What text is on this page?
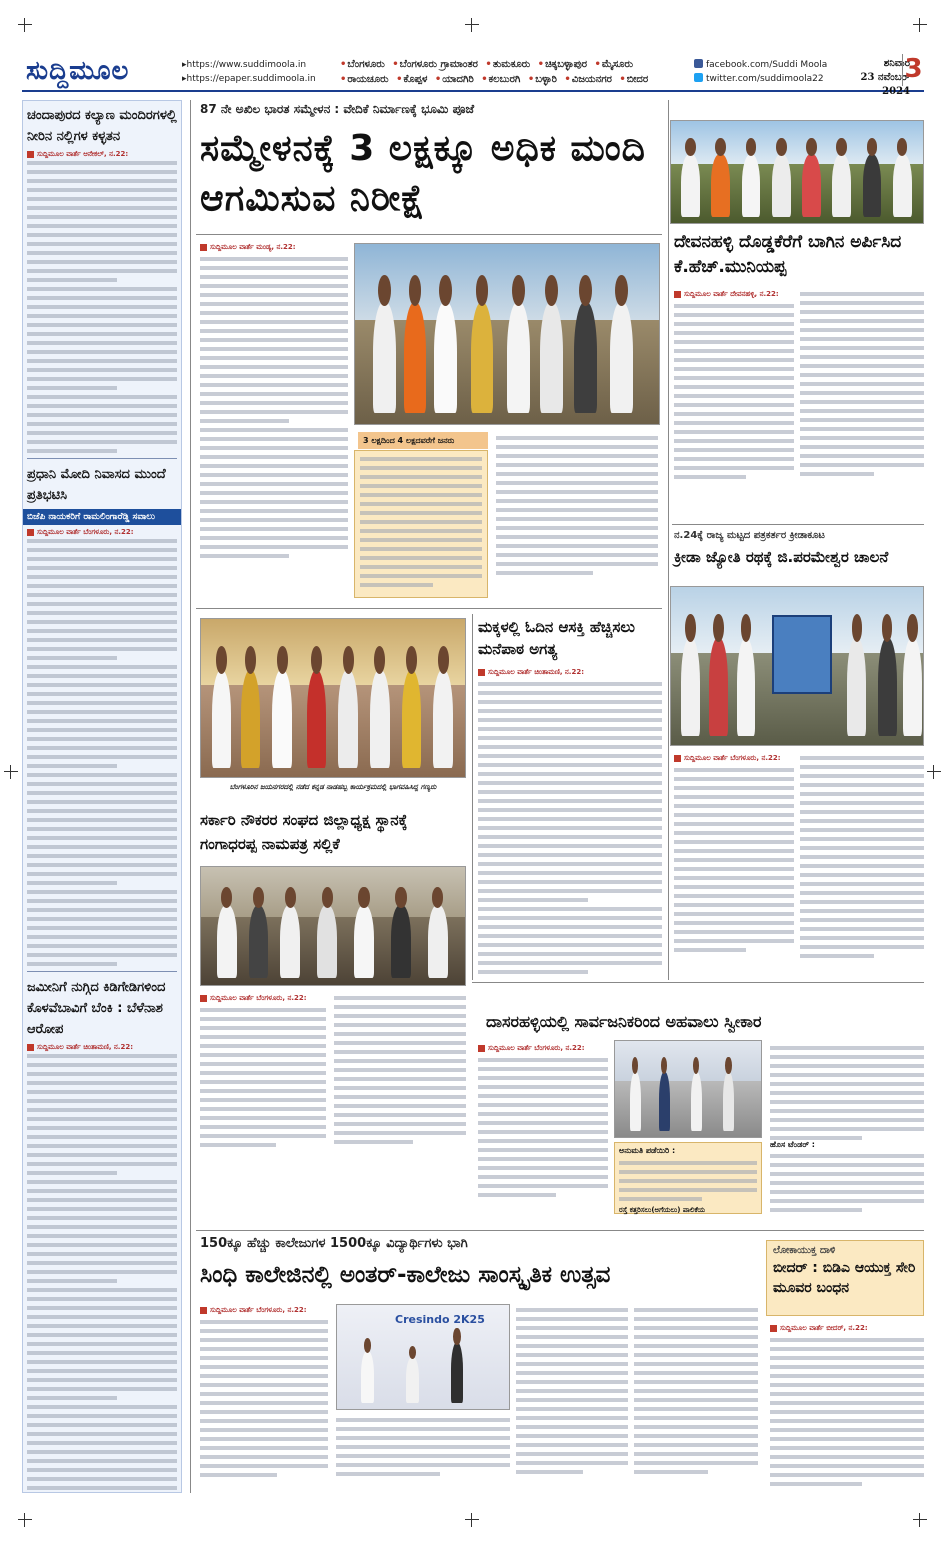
ಸುದ್ದಿಮೂಲ	▸ https://www.suddimoola.in
▸ https://epaper.suddimoola.in
• ಬೆಂಗಳೂರು • ಬೆಂಗಳೂರು ಗ್ರಾಮಾಂತರ • ತುಮಕೂರು • ಚಿಕ್ಕಬಳ್ಳಾಪುರ • ಮೈಸೂರು
• ರಾಯಚೂರು • ಕೊಪ್ಪಳ • ಯಾದಗಿರಿ • ಕಲಬುರಗಿ • ಬಳ್ಳಾರಿ • ವಿಜಯನಗರ • ಬೀದರ
facebook.com/Suddi Moola
twitter.com/suddimoola22
ಶನಿವಾರ
23 ನವೆಂಬರ್ 2024
3
ಚಂದಾಪುರದ ಕಲ್ಯಾಣ ಮಂದಿರಗಳಲ್ಲಿ ನೀರಿನ ನಲ್ಲಿಗಳ ಕಳ್ಳತನ
ಸುದ್ದಿಮೂಲ ವಾರ್ತೆ ಆನೇಕಲ್, ನ.22:
ಪ್ರಧಾನಿ ಮೋದಿ ನಿವಾಸದ ಮುಂದೆ ಪ್ರತಿಭಟಿಸಿ
ಬಿಜೆಪಿ ನಾಯಕರಿಗೆ ರಾಮಲಿಂಗಾರೆಡ್ಡಿ ಸವಾಲು
ಸುದ್ದಿಮೂಲ ವಾರ್ತೆ ಬೆಂಗಳೂರು, ನ.22:
ಜಮೀನಿಗೆ ನುಗ್ಗಿದ ಕಿಡಿಗೇಡಿಗಳಿಂದ ಕೊಳವೆಬಾವಿಗೆ ಬೆಂಕಿ : ಬೆಳೆನಾಶ ಆರೋಪ
ಸುದ್ದಿಮೂಲ ವಾರ್ತೆ ಚಿಂತಾಮಣಿ, ನ.22:
87 ನೇ ಅಖಿಲ ಭಾರತ ಸಮ್ಮೇಳನ : ವೇದಿಕೆ ನಿರ್ಮಾಣಕ್ಕೆ ಭೂಮಿ ಪೂಜೆ
ಸಮ್ಮೇಳನಕ್ಕೆ 3 ಲಕ್ಷಕ್ಕೂ ಅಧಿಕ ಮಂದಿ ಆಗಮಿಸುವ ನಿರೀಕ್ಷೆ
ಸುದ್ದಿಮೂಲ ವಾರ್ತೆ ಮಂಡ್ಯ, ನ.22:
3 ಲಕ್ಷದಿಂದ 4 ಲಕ್ಷದವರೆಗೆ ಜನರು
ಬೆಂಗಳೂರಿನ ಜಯನಗರದಲ್ಲಿ ನಡೆದ ಕನ್ನಡ ನಾಡಹಬ್ಬ ಕಾರ್ಯಕ್ರಮದಲ್ಲಿ ಭಾಗವಹಿಸಿದ್ದ ಗಣ್ಯರು
ಮಕ್ಕಳಲ್ಲಿ ಓದಿನ ಆಸಕ್ತಿ ಹೆಚ್ಚಿಸಲು ಮನೆಪಾಠ ಅಗತ್ಯ
ಸುದ್ದಿಮೂಲ ವಾರ್ತೆ ಚಿಂತಾಮಣಿ, ನ.22:
ಸರ್ಕಾರಿ ನೌಕರರ ಸಂಘದ ಜಿಲ್ಲಾಧ್ಯಕ್ಷ ಸ್ಥಾನಕ್ಕೆ ಗಂಗಾಧರಪ್ಪ ನಾಮಪತ್ರ ಸಲ್ಲಿಕೆ
ಸುದ್ದಿಮೂಲ ವಾರ್ತೆ ಬೆಂಗಳೂರು, ನ.22:
ದೇವನಹಳ್ಳಿ ದೊಡ್ಡಕೆರೆಗೆ ಬಾಗಿನ ಅರ್ಪಿಸಿದ ಕೆ.ಹೆಚ್.ಮುನಿಯಪ್ಪ
ಸುದ್ದಿಮೂಲ ವಾರ್ತೆ ದೇವನಹಳ್ಳಿ, ನ.22:
ನ.24ಕ್ಕೆ ರಾಜ್ಯ ಮಟ್ಟದ ಪತ್ರಕರ್ತರ ಕ್ರೀಡಾಕೂಟ
ಕ್ರೀಡಾ ಜ್ಯೋತಿ ರಥಕ್ಕೆ ಜಿ.ಪರಮೇಶ್ವರ ಚಾಲನೆ
ಸುದ್ದಿಮೂಲ ವಾರ್ತೆ ಬೆಂಗಳೂರು, ನ.22:
ದಾಸರಹಳ್ಳಿಯಲ್ಲಿ ಸಾರ್ವಜನಿಕರಿಂದ ಅಹವಾಲು ಸ್ವೀಕಾರ
ಸುದ್ದಿಮೂಲ ವಾರ್ತೆ ಬೆಂಗಳೂರು, ನ.22:
ಅನುಮತಿ ಪಡೆಯಿರಿ :
ರಸ್ತೆ ಕತ್ತರಿಸಲು(ಅಗೆಯಲು) ಪಾಲಿಕೆಯ
ಹೊಸ ಟೆಂಡರ್ :
150ಕ್ಕೂ ಹೆಚ್ಚು ಕಾಲೇಜುಗಳ 1500ಕ್ಕೂ ವಿದ್ಯಾರ್ಥಿಗಳು ಭಾಗಿ
ಸಿಂಧಿ ಕಾಲೇಜಿನಲ್ಲಿ ಅಂತರ್-ಕಾಲೇಜು ಸಾಂಸ್ಕೃತಿಕ ಉತ್ಸವ
ಸುದ್ದಿಮೂಲ ವಾರ್ತೆ ಬೆಂಗಳೂರು, ನ.22:
Cresindo 2K25
ಲೋಕಾಯುಕ್ತ ದಾಳಿ
ಬೀದರ್ : ಬಿಡಿಎ ಆಯುಕ್ತ ಸೇರಿ ಮೂವರ ಬಂಧನ
ಸುದ್ದಿಮೂಲ ವಾರ್ತೆ ಬೀದರ್, ನ.22:
